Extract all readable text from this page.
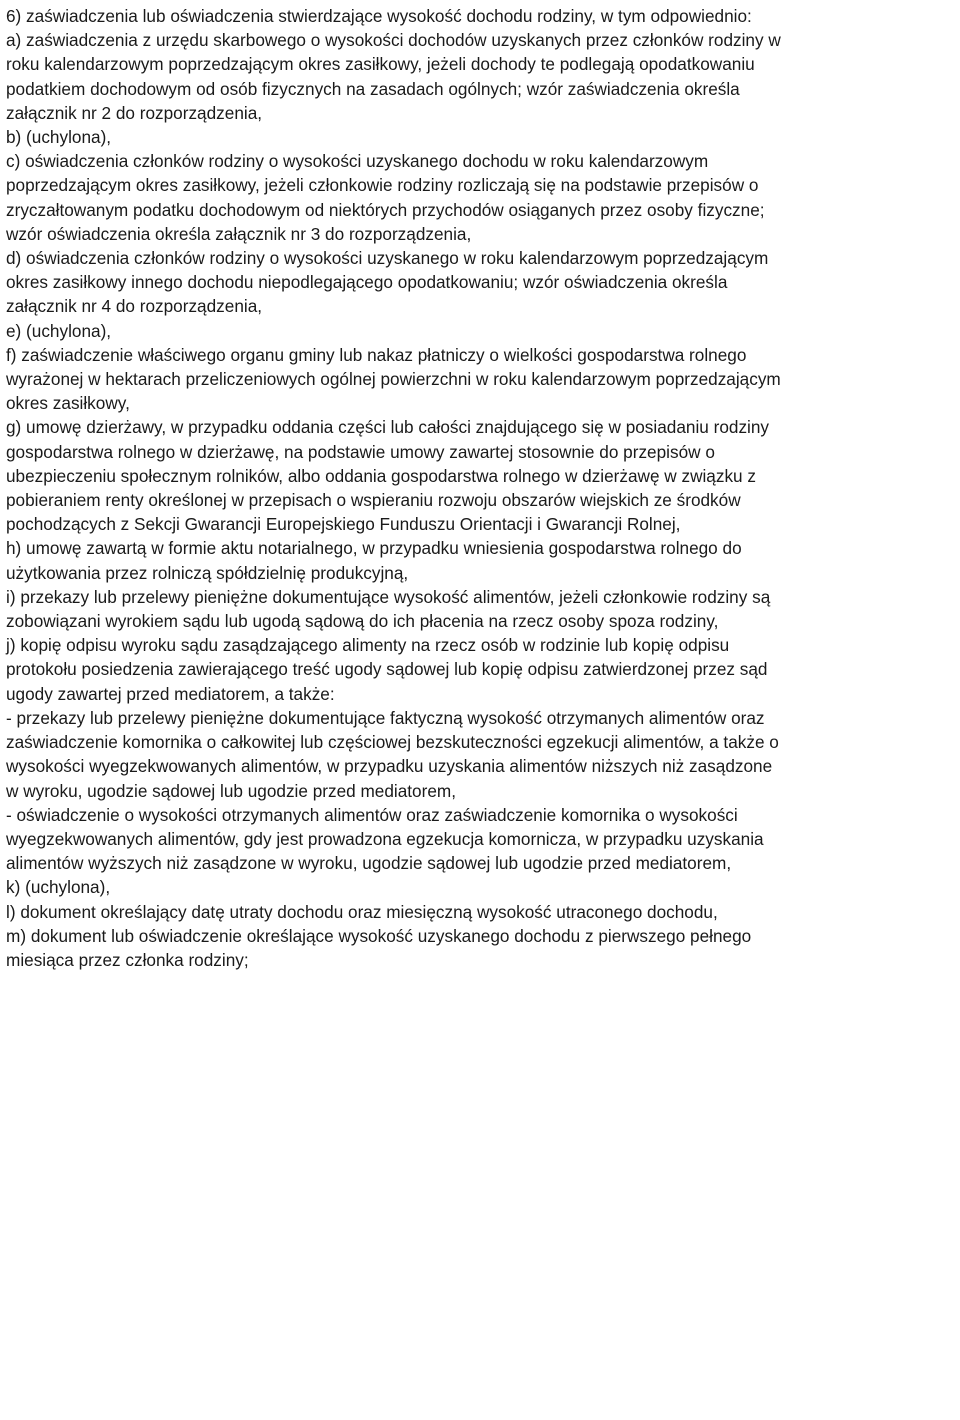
6) zaświadczenia lub oświadczenia stwierdzające wysokość dochodu rodziny, w tym odpowiednio:

a) zaświadczenia z urzędu skarbowego o wysokości dochodów uzyskanych przez członków rodziny w
roku kalendarzowym poprzedzającym okres zasiłkowy, jeżeli dochody te podlegają opodatkowaniu
podatkiem dochodowym od osób fizycznych na zasadach ogólnych; wzór zaświadczenia określa
załącznik nr 2 do rozporządzenia,

b) (uchylona),

c) oświadczenia członków rodziny o wysokości uzyskanego dochodu w roku kalendarzowym
poprzedzającym okres zasiłkowy, jeżeli członkowie rodziny rozliczają się na podstawie przepisów o
zryczałtowanym podatku dochodowym od niektórych przychodów osiąganych przez osoby fizyczne;
wzór oświadczenia określa załącznik nr 3 do rozporządzenia,

d) oświadczenia członków rodziny o wysokości uzyskanego w roku kalendarzowym poprzedzającym
okres zasiłkowy innego dochodu niepodlegającego opodatkowaniu; wzór oświadczenia określa
załącznik nr 4 do rozporządzenia,

e) (uchylona),

f) zaświadczenie właściwego organu gminy lub nakaz płatniczy o wielkości gospodarstwa rolnego
wyrażonej w hektarach przeliczeniowych ogólnej powierzchni w roku kalendarzowym poprzedzającym
okres zasiłkowy,

g) umowę dzierżawy, w przypadku oddania części lub całości znajdującego się w posiadaniu rodziny
gospodarstwa rolnego w dzierżawę, na podstawie umowy zawartej stosownie do przepisów o
ubezpieczeniu społecznym rolników, albo oddania gospodarstwa rolnego w dzierżawę w związku z
pobieraniem renty określonej w przepisach o wspieraniu rozwoju obszarów wiejskich ze środków
pochodzących z Sekcji Gwarancji Europejskiego Funduszu Orientacji i Gwarancji Rolnej,

h) umowę zawartą w formie aktu notarialnego, w przypadku wniesienia gospodarstwa rolnego do
użytkowania przez rolniczą spółdzielnię produkcyjną,

i) przekazy lub przelewy pieniężne dokumentujące wysokość alimentów, jeżeli członkowie rodziny są
zobowiązani wyrokiem sądu lub ugodą sądową do ich płacenia na rzecz osoby spoza rodziny,

j) kopię odpisu wyroku sądu zasądzającego alimenty na rzecz osób w rodzinie lub kopię odpisu
protokołu posiedzenia zawierającego treść ugody sądowej lub kopię odpisu zatwierdzonej przez sąd
ugody zawartej przed mediatorem, a także:

- przekazy lub przelewy pieniężne dokumentujące faktyczną wysokość otrzymanych alimentów oraz
zaświadczenie komornika o całkowitej lub częściowej bezskuteczności egzekucji alimentów, a także o
wysokości wyegzekwowanych alimentów, w przypadku uzyskania alimentów niższych niż zasądzone
w wyroku, ugodzie sądowej lub ugodzie przed mediatorem,

- oświadczenie o wysokości otrzymanych alimentów oraz zaświadczenie komornika o wysokości
wyegzekwowanych alimentów, gdy jest prowadzona egzekucja komornicza, w przypadku uzyskania
alimentów wyższych niż zasądzone w wyroku, ugodzie sądowej lub ugodzie przed mediatorem,

k) (uchylona),

l) dokument określający datę utraty dochodu oraz miesięczną wysokość utraconego dochodu,

m) dokument lub oświadczenie określające wysokość uzyskanego dochodu z pierwszego pełnego
miesiąca przez członka rodziny;
